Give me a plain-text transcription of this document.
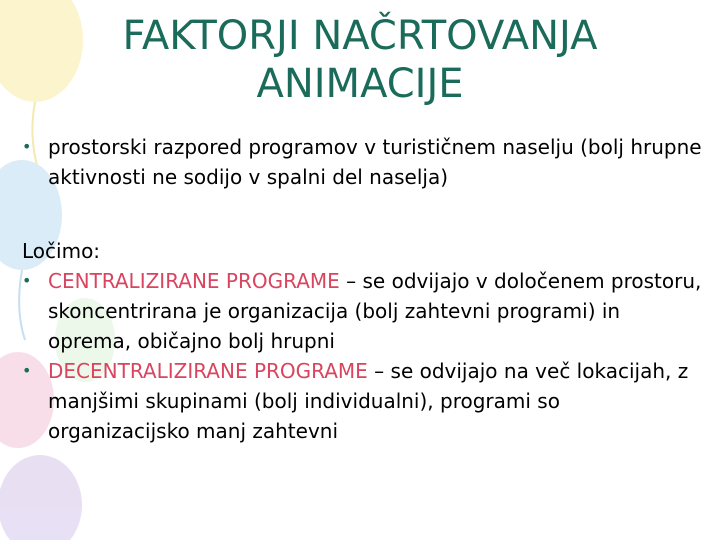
FAKTORJI NAČRTOVANJA
ANIMACIJE
• prostorski razpored programov v turističnem naselju (bolj hrupne aktivnosti ne sodijo v spalni del naselja)
Ločimo:
• CENTRALIZIRANE PROGRAME – se odvijajo v določenem prostoru, skoncentrirana je organizacija (bolj zahtevni programi) in oprema, običajno bolj hrupni
• DECENTRALIZIRANE PROGRAME – se odvijajo na več lokacijah, z manjšimi skupinami (bolj individualni), programi so organizacijsko manj zahtevni
